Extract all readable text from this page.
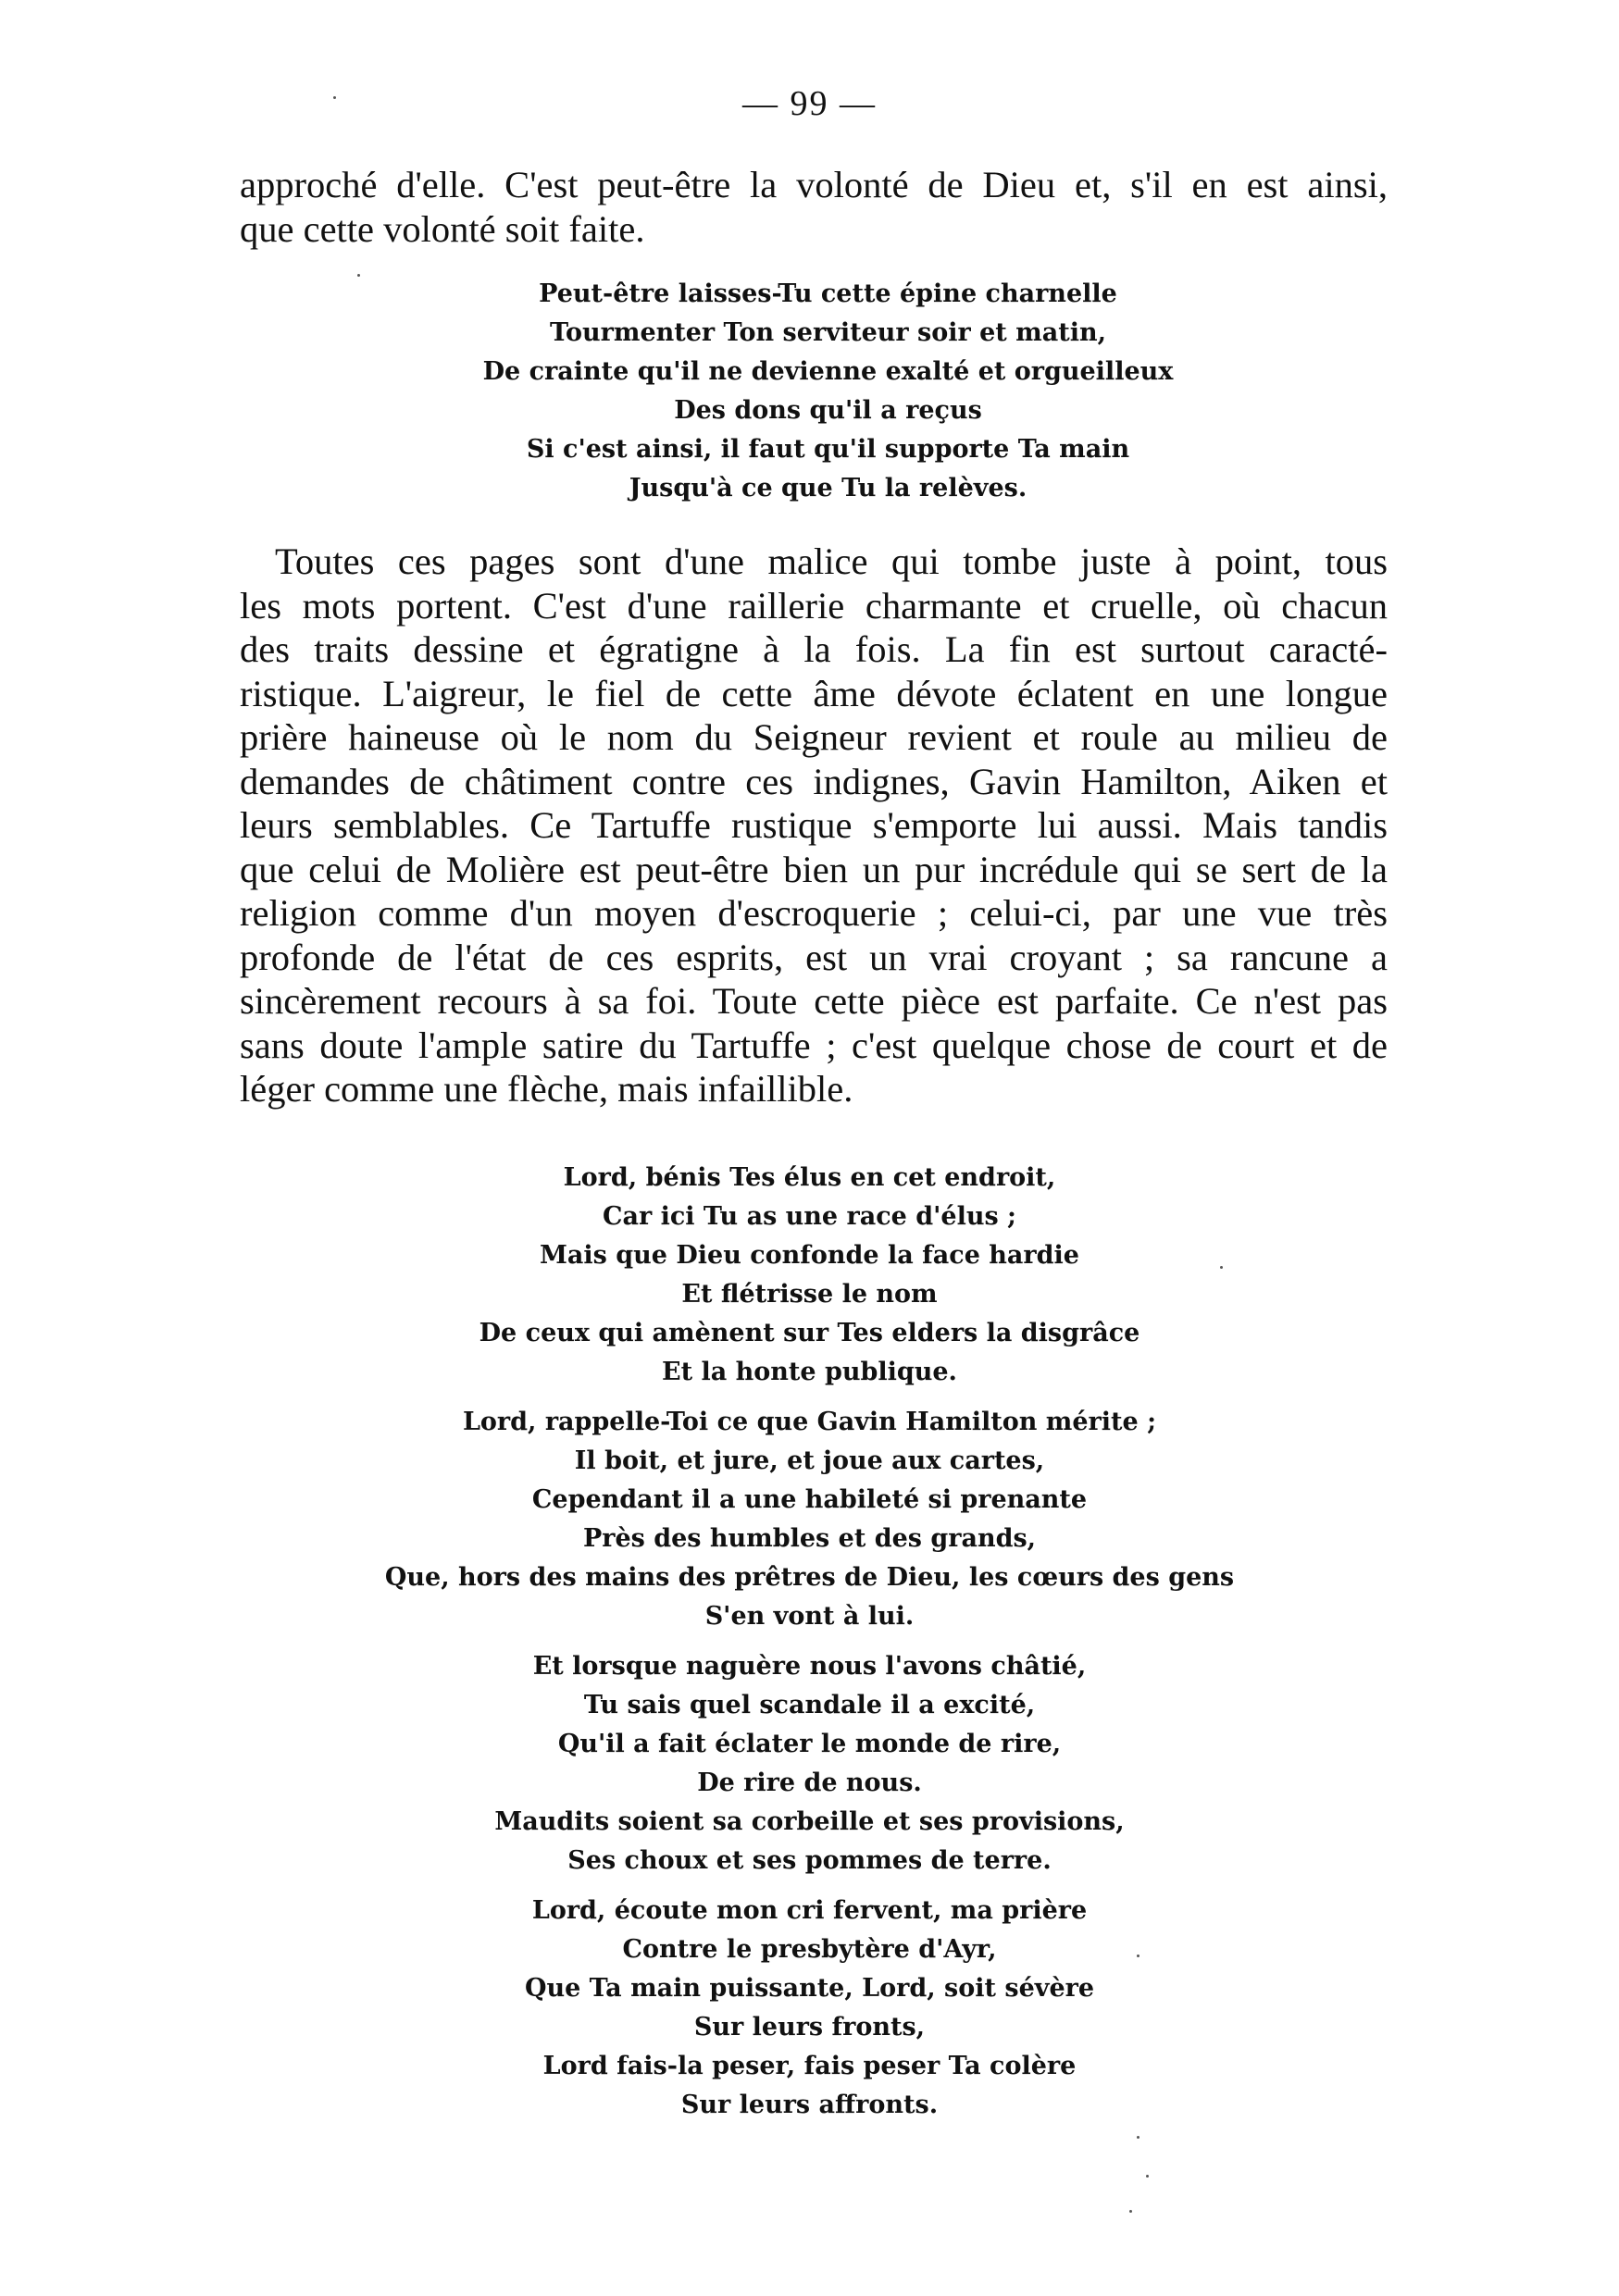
— 99 —

approché d'elle. C'est peut-être la volonté de Dieu et, s'il en est ainsi,
que cette volonté soit faite.

Peut-être laisses-Tu cette épine charnelle
Tourmenter Ton serviteur soir et matin,
De crainte qu'il ne devienne exalté et orgueilleux
Des dons qu'il a reçus
Si c'est ainsi, il faut qu'il supporte Ta main
Jusqu'à ce que Tu la relèves.

Toutes ces pages sont d'une malice qui tombe juste à point, tous
les mots portent. C'est d'une raillerie charmante et cruelle, où chacun
des traits dessine et égratigne à la fois. La fin est surtout caracté-
ristique. L'aigreur, le fiel de cette âme dévote éclatent en une longue
prière haineuse où le nom du Seigneur revient et roule au milieu de
demandes de châtiment contre ces indignes, Gavin Hamilton, Aiken et
leurs semblables. Ce Tartuffe rustique s'emporte lui aussi. Mais tandis
que celui de Molière est peut-être bien un pur incrédule qui se sert de la
religion comme d'un moyen d'escroquerie ; celui-ci, par une vue très
profonde de l'état de ces esprits, est un vrai croyant ; sa rancune a
sincèrement recours à sa foi. Toute cette pièce est parfaite. Ce n'est pas
sans doute l'ample satire du Tartuffe ; c'est quelque chose de court et de
léger comme une flèche, mais infaillible.

Lord, bénis Tes élus en cet endroit,
Car ici Tu as une race d'élus ;
Mais que Dieu confonde la face hardie
Et flétrisse le nom
De ceux qui amènent sur Tes elders la disgrâce
Et la honte publique.
Lord, rappelle-Toi ce que Gavin Hamilton mérite ;
Il boit, et jure, et joue aux cartes,
Cependant il a une habileté si prenante
Près des humbles et des grands,
Que, hors des mains des prêtres de Dieu, les cœurs des gens
S'en vont à lui.
Et lorsque naguère nous l'avons châtié,
Tu sais quel scandale il a excité,
Qu'il a fait éclater le monde de rire,
De rire de nous.
Maudits soient sa corbeille et ses provisions,
Ses choux et ses pommes de terre.
Lord, écoute mon cri fervent, ma prière
Contre le presbytère d'Ayr,
Que Ta main puissante, Lord, soit sévère
Sur leurs fronts,
Lord fais-la peser, fais peser Ta colère
Sur leurs affronts.
